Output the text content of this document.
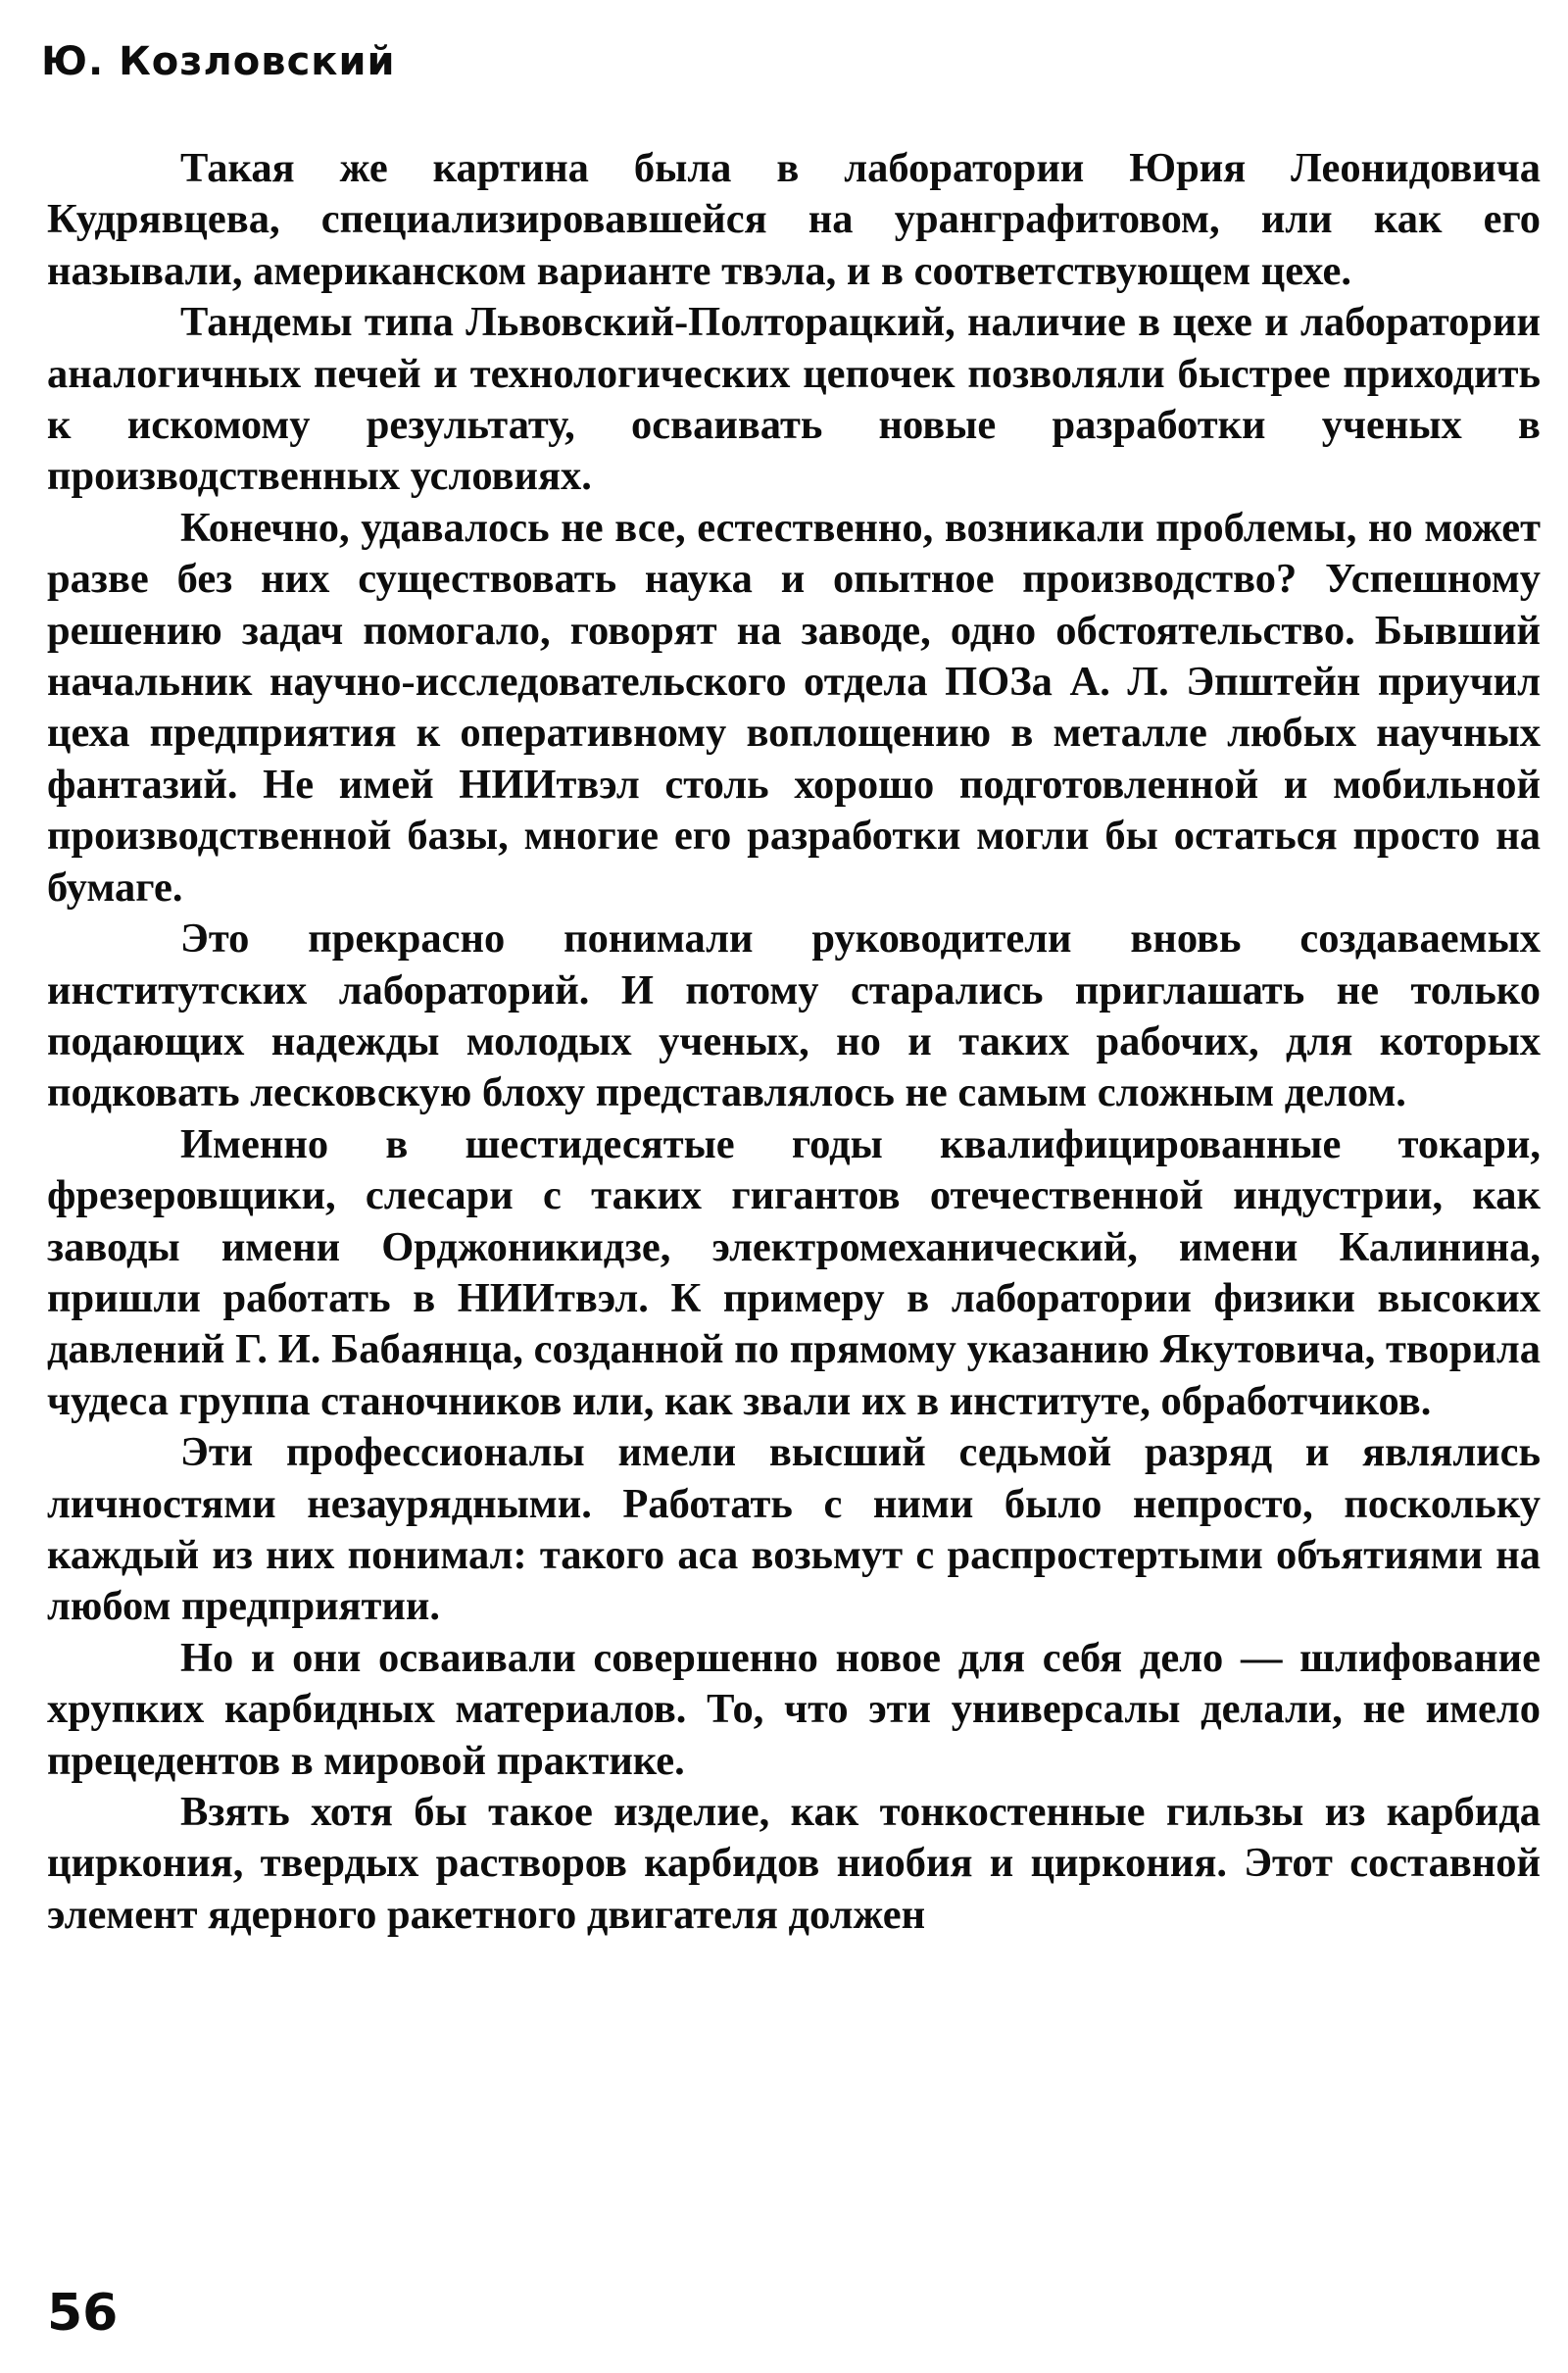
Ю. Козловский

Такая же картина была в лаборатории Юрия Леонидовича Кудрявцева, специализировавшейся на уранграфитовом, или как его называли, американском варианте твэла, и в соответствующем цехе.

Тандемы типа Львовский-Полторацкий, наличие в цехе и лаборатории аналогичных печей и технологических цепочек позволяли быстрее приходить к искомому результату, осваивать новые разработки ученых в производственных условиях.

Конечно, удавалось не все, естественно, возникали проблемы, но может разве без них существовать наука и опытное производство? Успешному решению задач помогало, говорят на заводе, одно обстоятельство. Бывший начальник научно-исследовательского отдела ПОЗа А. Л. Эпштейн приучил цеха предприятия к оперативному воплощению в металле любых научных фантазий. Не имей НИИтвэл столь хорошо подготовленной и мобильной производственной базы, многие его разработки могли бы остаться просто на бумаге.

Это прекрасно понимали руководители вновь создаваемых институтских лабораторий. И потому старались приглашать не только подающих надежды молодых ученых, но и таких рабочих, для которых подковать лесковскую блоху представлялось не самым сложным делом.

Именно в шестидесятые годы квалифицированные токари, фрезеровщики, слесари с таких гигантов отечественной индустрии, как заводы имени Орджоникидзе, электромеханический, имени Калинина, пришли работать в НИИтвэл. К примеру в лаборатории физики высоких давлений Г. И. Бабаянца, созданной по прямому указанию Якутовича, творила чудеса группа станочников или, как звали их в институте, обработчиков.

Эти профессионалы имели высший седьмой разряд и являлись личностями незаурядными. Работать с ними было непросто, поскольку каждый из них понимал: такого аса возьмут с распростертыми объятиями на любом предприятии.

Но и они осваивали совершенно новое для себя дело — шлифование хрупких карбидных материалов. То, что эти универсалы делали, не имело прецедентов в мировой практике.

Взять хотя бы такое изделие, как тонкостенные гильзы из карбида циркония, твердых растворов карбидов ниобия и циркония. Этот составной элемент ядерного ракетного двигателя должен

56
